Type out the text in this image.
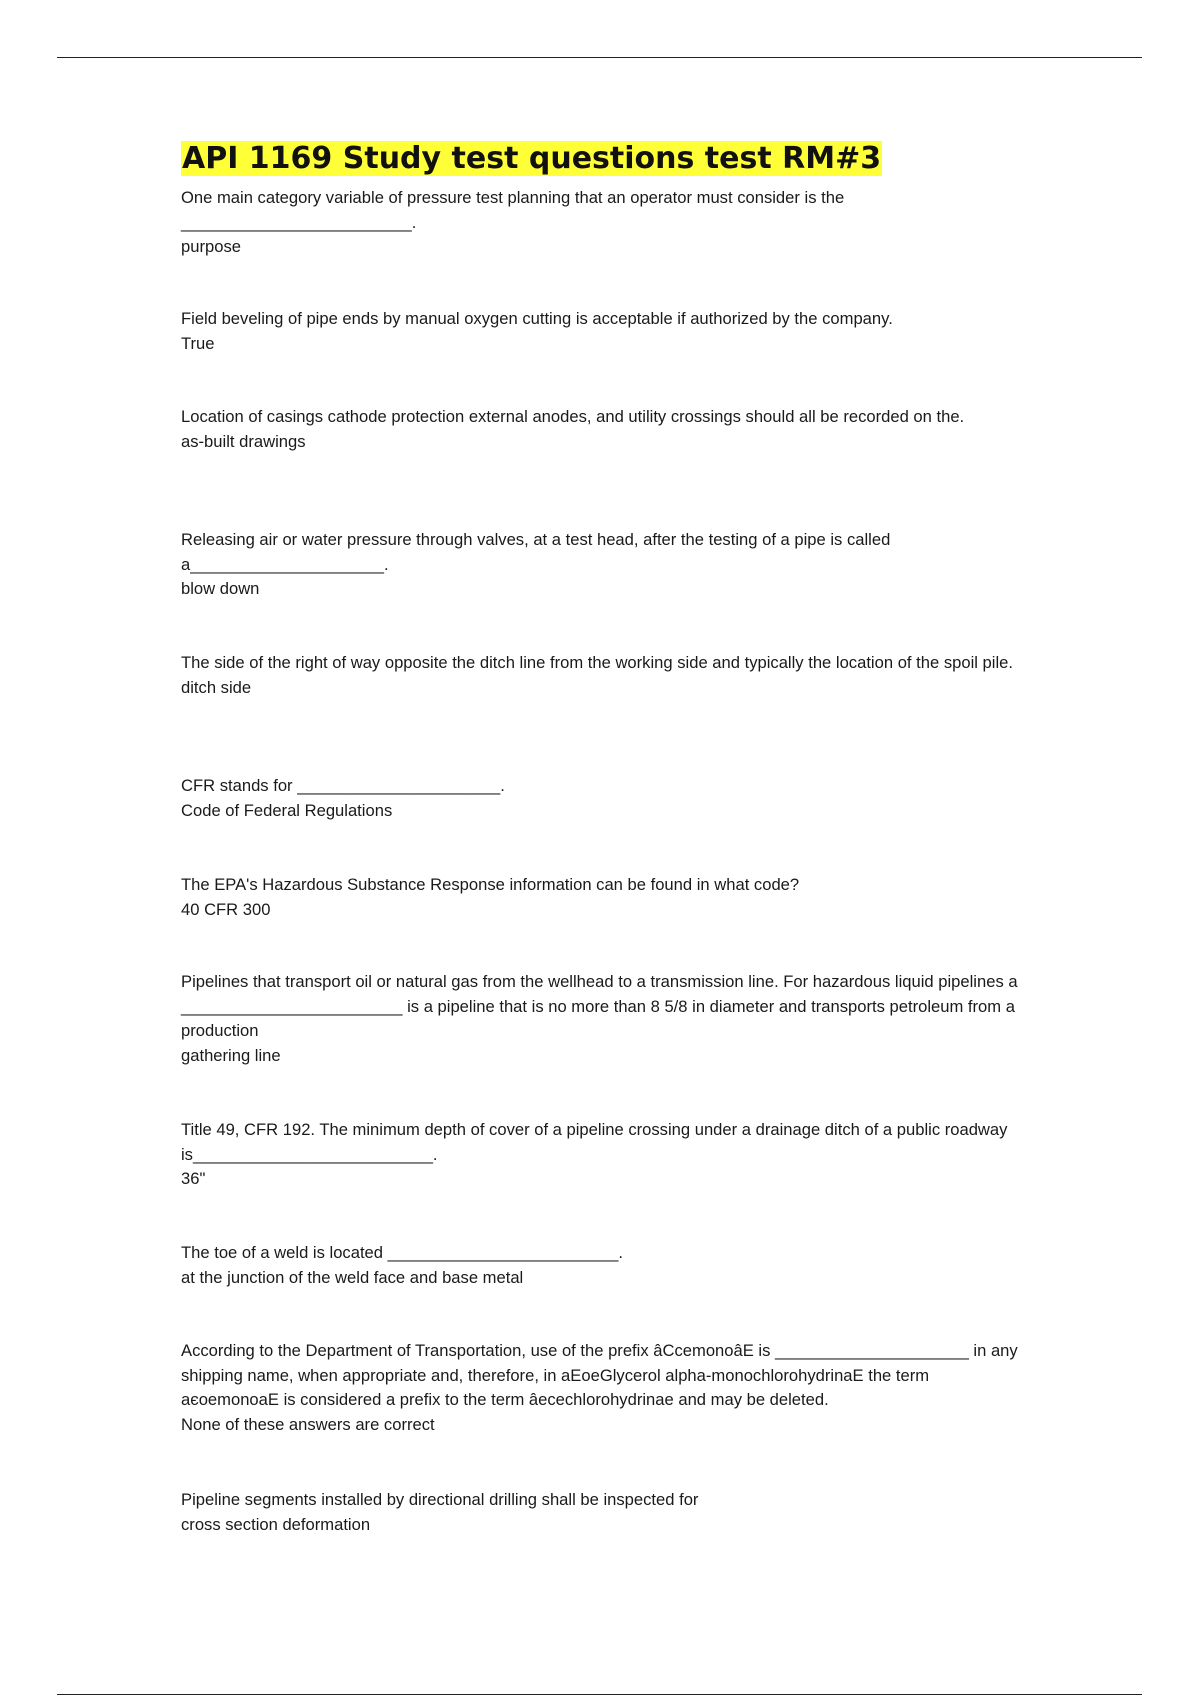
API 1169 Study test questions test RM#3
One main category variable of pressure test planning that an operator must consider is the
_________________________.
purpose
Field beveling of pipe ends by manual oxygen cutting is acceptable if authorized by the company.
True
Location of casings cathode protection external anodes, and utility crossings should all be recorded on the.
as-built drawings
Releasing air or water pressure through valves, at a test head, after the testing of a pipe is called
a_____________________.
blow down
The side of the right of way opposite the ditch line from the working side and typically the location of the spoil pile.
ditch side
CFR stands for ______________________.
Code of Federal Regulations
The EPA's Hazardous Substance Response information can be found in what code?
40 CFR 300
Pipelines that transport oil or natural gas from the wellhead to a transmission line. For hazardous liquid pipelines a ________________________ is a pipeline that is no more than 8 5/8 in diameter and transports petroleum from a production
gathering line
Title 49, CFR 192. The minimum depth of cover of a pipeline crossing under a drainage ditch of a public roadway is__________________________.
36"
The toe of a weld is located _________________________.
at the junction of the weld face and base metal
According to the Department of Transportation, use of the prefix âCcemonoâE is _____________________ in any shipping name, when appropriate and, therefore, in aEoeGlycerol alpha-monochlorohydrinaE the term aєoemonoaE is considered a prefix to the term âecechlorohydrinae and may be deleted.
None of these answers are correct
Pipeline segments installed by directional drilling shall be inspected for
cross section deformation
